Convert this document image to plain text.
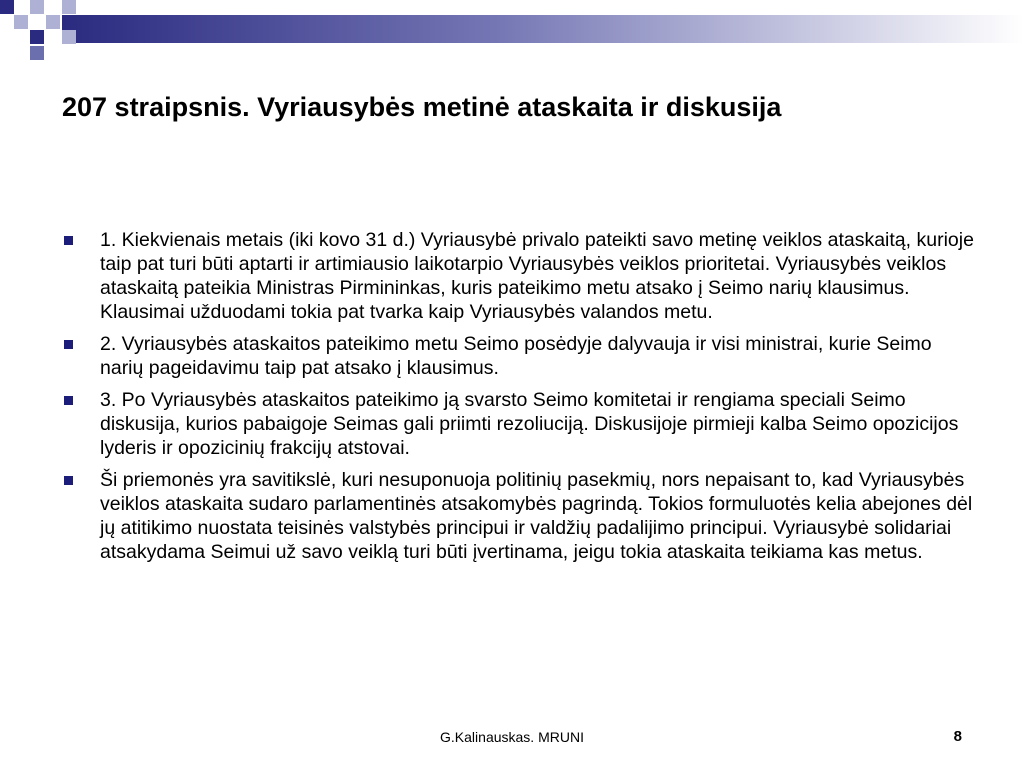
207 straipsnis. Vyriausybės metinė ataskaita ir diskusija
1. Kiekvienais metais (iki kovo 31 d.) Vyriausybė privalo pateikti savo metinę veiklos ataskaitą, kurioje taip pat turi būti aptarti ir artimiausio laikotarpio Vyriausybės veiklos prioritetai. Vyriausybės veiklos ataskaitą pateikia Ministras Pirmininkas, kuris pateikimo metu atsako į Seimo narių klausimus. Klausimai užduodami tokia pat tvarka kaip Vyriausybės valandos metu.
2. Vyriausybės ataskaitos pateikimo metu Seimo posėdyje dalyvauja ir visi ministrai, kurie Seimo narių pageidavimu taip pat atsako į klausimus.
3. Po Vyriausybės ataskaitos pateikimo ją svarsto Seimo komitetai ir rengiama speciali Seimo diskusija, kurios pabaigoje Seimas gali priimti rezoliuciją. Diskusijoje pirmieji kalba Seimo opozicijos lyderis ir opozicinių frakcijų atstovai.
Ši priemonės yra savitikslė, kuri nesuponuoja politinių pasekmių, nors nepaisant to, kad Vyriausybės veiklos ataskaita sudaro parlamentinės atsakomybės pagrindą. Tokios formuluotės kelia abejones dėl jų atitikimo nuostata teisinės valstybės principui ir valdžių padalijimo principui. Vyriausybė solidariai atsakydama Seimui už savo veiklą turi būti įvertinama, jeigu tokia ataskaita teikiama kas metus.
G.Kalinauskas. MRUNI	8
